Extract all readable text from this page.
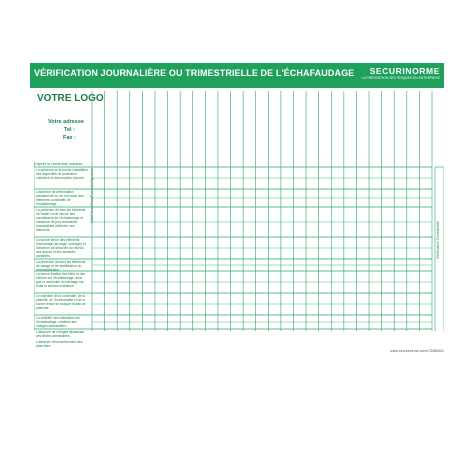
VÉRIFICATION JOURNALIÈRE OU TRIMESTRIELLE DE L'ÉCHAFAUDAGE	SECURINORME
LA PRÉVENTION DES RISQUES EN ENTREPRISE
VOTRE LOGO
Votre adresse
Tel :
Fax :
Date/Heure/Nom/Fonction/Signature
D'après la check-liste suivante :
La présence et la bonne installation des dispositifs de protection collective et des moyens d'accès.
L'absence de déformation permanente ou de corrosion des éléments constitutifs de l'échafaudage.
La présence de tous les éléments de l'autel ou de l'ancre des constituants de l'échafaudage et l'absence de jeux désirables susceptibles d'affecter ces éléments.
La bonne tenue des éléments d'amarrage (ancrage, vérinage) et l'absence de désordre au niveau des appuis et des surfaces portantes.
La présence de tous les éléments de calage et de stabilisation ou d'immobilisation.
La bonne fixation des filets et des bâches sur l'échafaudage, ainsi que la continuité du bâchage sur toute la surface extérieure.
Le maintien de la continuité, de la planéité, de l'horizontalité et de la bonne tenue de chaque niveau de plancher.
La visibilité des indications sur l'échafaudage, relatives aux charges admissibles.
L'absence de charges dépassant ces limites admissibles.
L'absence d'encombrement des planchers.
Vérification Trimestrielle
www.securinorme.com/C3380001
